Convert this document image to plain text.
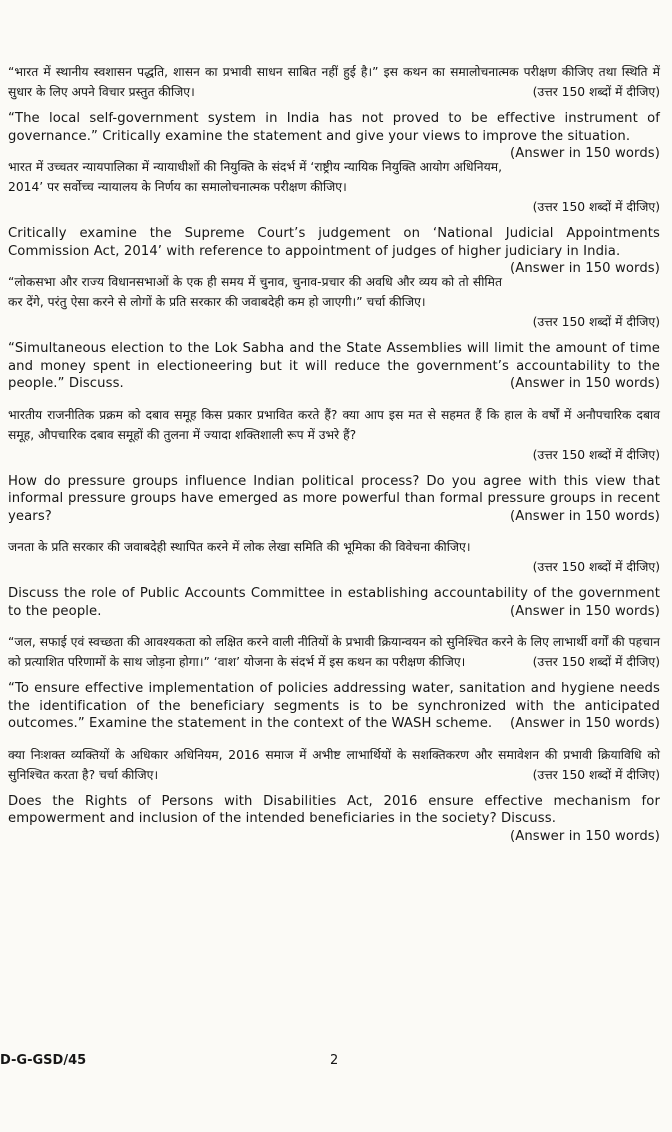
“भारत में स्थानीय स्वशासन पद्धति, शासन का प्रभावी साधन साबित नहीं हुई है।” इस कथन का समालोचनात्मक परीक्षण कीजिए तथा स्थिति में सुधार के लिए अपने विचार प्रस्तुत कीजिए।	(उत्तर 150 शब्दों में दीजिए)

“The local self-government system in India has not proved to be effective instrument of governance.” Critically examine the statement and give your views to improve the situation.
(Answer in 150 words)

भारत में उच्चतर न्यायपालिका में न्यायाधीशों की नियुक्ति के संदर्भ में ‘राष्ट्रीय न्यायिक नियुक्ति आयोग अधिनियम, 2014’ पर सर्वोच्च न्यायालय के निर्णय का समालोचनात्मक परीक्षण कीजिए।

(उत्तर 150 शब्दों में दीजिए)

Critically examine the Supreme Court’s judgement on ‘National Judicial Appointments Commission Act, 2014’ with reference to appointment of judges of higher judiciary in India.
(Answer in 150 words)

“लोकसभा और राज्य विधानसभाओं के एक ही समय में चुनाव, चुनाव-प्रचार की अवधि और व्यय को तो सीमित कर देंगे, परंतु ऐसा करने से लोगों के प्रति सरकार की जवाबदेही कम हो जाएगी।” चर्चा कीजिए।

(उत्तर 150 शब्दों में दीजिए)

“Simultaneous election to the Lok Sabha and the State Assemblies will limit the amount of time and money spent in electioneering but it will reduce the government’s accountability to the people.” Discuss.	(Answer in 150 words)

भारतीय राजनीतिक प्रक्रम को दबाव समूह किस प्रकार प्रभावित करते हैं? क्या आप इस मत से सहमत हैं कि हाल के वर्षों में अनौपचारिक दबाव समूह, औपचारिक दबाव समूहों की तुलना में ज्यादा शक्तिशाली रूप में उभरे हैं?

(उत्तर 150 शब्दों में दीजिए)

How do pressure groups influence Indian political process? Do you agree with this view that informal pressure groups have emerged as more powerful than formal pressure groups in recent years?	(Answer in 150 words)

जनता के प्रति सरकार की जवाबदेही स्थापित करने में लोक लेखा समिति की भूमिका की विवेचना कीजिए।

(उत्तर 150 शब्दों में दीजिए)

Discuss the role of Public Accounts Committee in establishing accountability of the government to the people.	(Answer in 150 words)

“जल, सफाई एवं स्वच्छता की आवश्यकता को लक्षित करने वाली नीतियों के प्रभावी क्रियान्वयन को सुनिश्चित करने के लिए लाभार्थी वर्गों की पहचान को प्रत्याशित परिणामों के साथ जोड़ना होगा।” ‘वाश’ योजना के संदर्भ में इस कथन का परीक्षण कीजिए।	(उत्तर 150 शब्दों में दीजिए)

“To ensure effective implementation of policies addressing water, sanitation and hygiene needs the identification of the beneficiary segments is to be synchronized with the anticipated outcomes.” Examine the statement in the context of the WASH scheme.	(Answer in 150 words)

क्या निःशक्त व्यक्तियों के अधिकार अधिनियम, 2016 समाज में अभीष्ट लाभार्थियों के सशक्तिकरण और समावेशन की प्रभावी क्रियाविधि को सुनिश्चित करता है? चर्चा कीजिए।	(उत्तर 150 शब्दों में दीजिए)

Does the Rights of Persons with Disabilities Act, 2016 ensure effective mechanism for empowerment and inclusion of the intended beneficiaries in the society? Discuss.
(Answer in 150 words)

D-G-GSD/45	2
